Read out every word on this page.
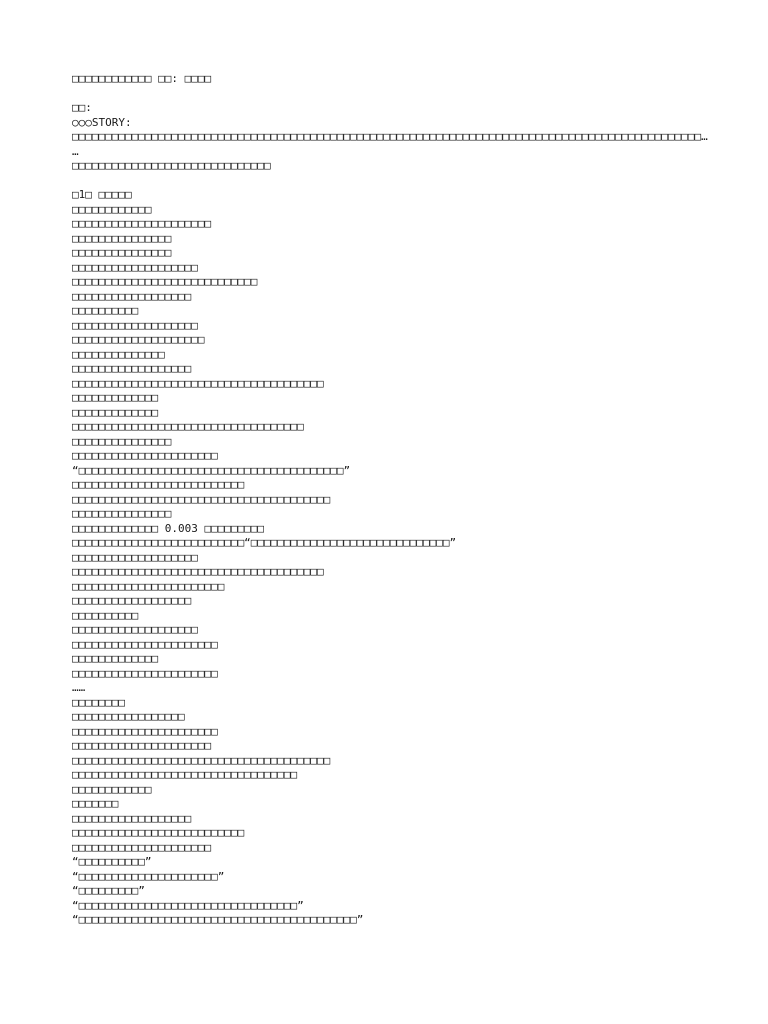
□□□□□□□□□□□□ □□: □□□□
□□:
○○○STORY:
□□□□□□□□□□□□□□□□□□□□□□□□□□□□□□□□□□□□□□□□□□□□□□□□□□□□□□□□□□□□□□□□□□□□□□□□□□□□□□□□□□□□□□□□□□□□□□□…
…
□□□□□□□□□□□□□□□□□□□□□□□□□□□□□□
□1□ □□□□□
□□□□□□□□□□□□
□□□□□□□□□□□□□□□□□□□□□
□□□□□□□□□□□□□□□
□□□□□□□□□□□□□□□
□□□□□□□□□□□□□□□□□□□
□□□□□□□□□□□□□□□□□□□□□□□□□□□□
□□□□□□□□□□□□□□□□□□
□□□□□□□□□□
□□□□□□□□□□□□□□□□□□□
□□□□□□□□□□□□□□□□□□□□
□□□□□□□□□□□□□□
□□□□□□□□□□□□□□□□□□
□□□□□□□□□□□□□□□□□□□□□□□□□□□□□□□□□□□□□□
□□□□□□□□□□□□□
□□□□□□□□□□□□□
□□□□□□□□□□□□□□□□□□□□□□□□□□□□□□□□□□□
□□□□□□□□□□□□□□□
□□□□□□□□□□□□□□□□□□□□□□
“□□□□□□□□□□□□□□□□□□□□□□□□□□□□□□□□□□□□□□□□”
□□□□□□□□□□□□□□□□□□□□□□□□□□
□□□□□□□□□□□□□□□□□□□□□□□□□□□□□□□□□□□□□□□
□□□□□□□□□□□□□□□
□□□□□□□□□□□□□ 0.003 □□□□□□□□□
□□□□□□□□□□□□□□□□□□□□□□□□□□“□□□□□□□□□□□□□□□□□□□□□□□□□□□□□□”
□□□□□□□□□□□□□□□□□□□
□□□□□□□□□□□□□□□□□□□□□□□□□□□□□□□□□□□□□□
□□□□□□□□□□□□□□□□□□□□□□□
□□□□□□□□□□□□□□□□□□
□□□□□□□□□□
□□□□□□□□□□□□□□□□□□□
□□□□□□□□□□□□□□□□□□□□□□
□□□□□□□□□□□□□
□□□□□□□□□□□□□□□□□□□□□□
……
□□□□□□□□
□□□□□□□□□□□□□□□□□
□□□□□□□□□□□□□□□□□□□□□□
□□□□□□□□□□□□□□□□□□□□□
□□□□□□□□□□□□□□□□□□□□□□□□□□□□□□□□□□□□□□□
□□□□□□□□□□□□□□□□□□□□□□□□□□□□□□□□□□
□□□□□□□□□□□□
□□□□□□□
□□□□□□□□□□□□□□□□□□
□□□□□□□□□□□□□□□□□□□□□□□□□□
□□□□□□□□□□□□□□□□□□□□□
“□□□□□□□□□□”
“□□□□□□□□□□□□□□□□□□□□□”
“□□□□□□□□□”
“□□□□□□□□□□□□□□□□□□□□□□□□□□□□□□□□□”
“□□□□□□□□□□□□□□□□□□□□□□□□□□□□□□□□□□□□□□□□□□”
